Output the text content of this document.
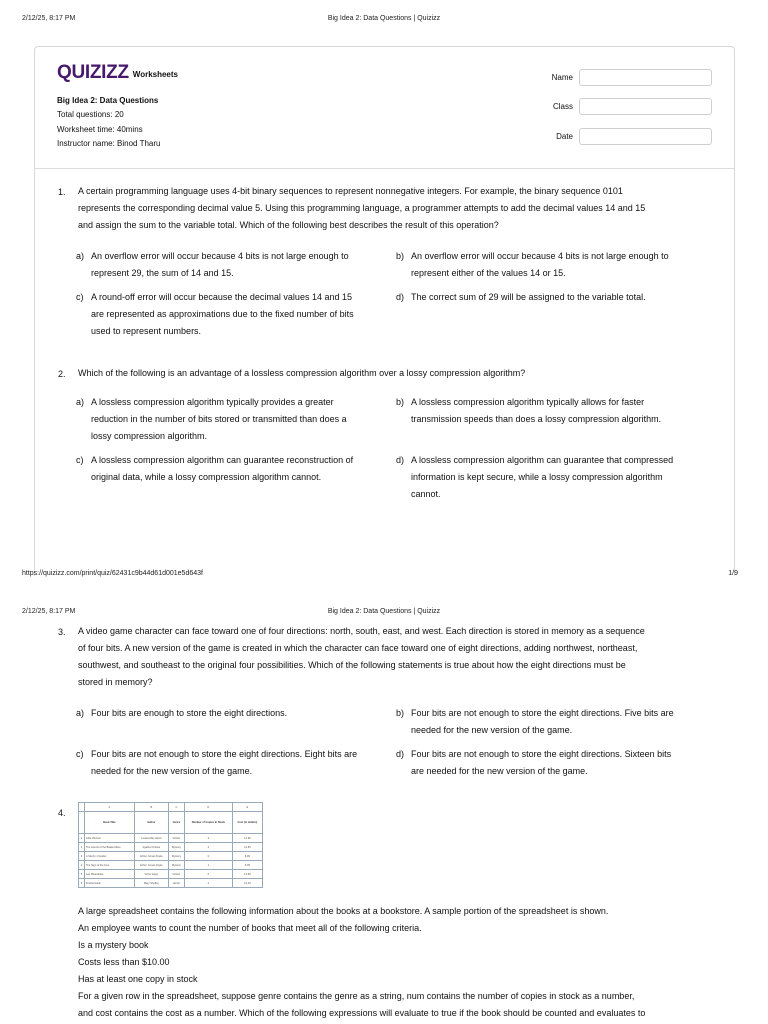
2/12/25, 8:17 PM	Big Idea 2: Data Questions | Quizizz
QUIZIZZ Worksheets
Big Idea 2: Data Questions
Total questions: 20
Worksheet time: 40mins
Instructor name: Binod Tharu
Name
Class
Date
1. A certain programming language uses 4-bit binary sequences to represent nonnegative integers. For example, the binary sequence 0101
represents the corresponding decimal value 5. Using this programming language, a programmer attempts to add the decimal values 14 and 15
and assign the sum to the variable total. Which of the following best describes the result of this operation?
a) An overflow error will occur because 4 bits is not large enough to
represent 29, the sum of 14 and 15.
b) An overflow error will occur because 4 bits is not large enough to
represent either of the values 14 or 15.
c) A round-off error will occur because the decimal values 14 and 15
are represented as approximations due to the fixed number of bits
used to represent numbers.
d) The correct sum of 29 will be assigned to the variable total.
2. Which of the following is an advantage of a lossless compression algorithm over a lossy compression algorithm?
a) A lossless compression algorithm typically provides a greater
reduction in the number of bits stored or transmitted than does a
lossy compression algorithm.
b) A lossless compression algorithm typically allows for faster
transmission speeds than does a lossy compression algorithm.
c) A lossless compression algorithm can guarantee reconstruction of
original data, while a lossy compression algorithm cannot.
d) A lossless compression algorithm can guarantee that compressed
information is kept secure, while a lossy compression algorithm
cannot.
https://quizizz.com/print/quiz/62431c9b44d61d001e5d643f	1/9
2/12/25, 8:17 PM	Big Idea 2: Data Questions | Quizizz
3. A video game character can face toward one of four directions: north, south, east, and west. Each direction is stored in memory as a sequence
of four bits. A new version of the game is created in which the character can face toward one of eight directions, adding northwest, northeast,
southwest, and southeast to the original four possibilities. Which of the following statements is true about how the eight directions must be
stored in memory?
a) Four bits are enough to store the eight directions.	b) Four bits are not enough to store the eight directions. Five bits are
needed for the new version of the game.
c) Four bits are not enough to store the eight directions. Eight bits are
needed for the new version of the game.
d) Four bits are not enough to store the eight directions. Sixteen bits
are needed for the new version of the game.
4.
	A	B	C	D	E
	Book Title	Author	Genre	Number of Copies in Stock	Cost (in dollars)
1	Little Women	Louisa May Alcott	Fiction	3	12.95
2	The Hound of the Baskervilles	Agatha Christie	Mystery	4	12.95
3	A Study in Scarlet	Arthur Conan Doyle	Mystery	0	8.99
4	The Sign of the Four	Arthur Conan Doyle	Mystery	1	8.95
5	Les Miserables	Victor Hugo	Fiction	5	14.99
6	Frankenstein	Mary Shelley	Horror	4	10.49
A large spreadsheet contains the following information about the books at a bookstore. A sample portion of the spreadsheet is shown.
An employee wants to count the number of books that meet all of the following criteria.
Is a mystery book
Costs less than $10.00
Has at least one copy in stock
For a given row in the spreadsheet, suppose genre contains the genre as a string, num contains the number of copies in stock as a number,
and cost contains the cost as a number. Which of the following expressions will evaluate to true if the book should be counted and evaluates to
